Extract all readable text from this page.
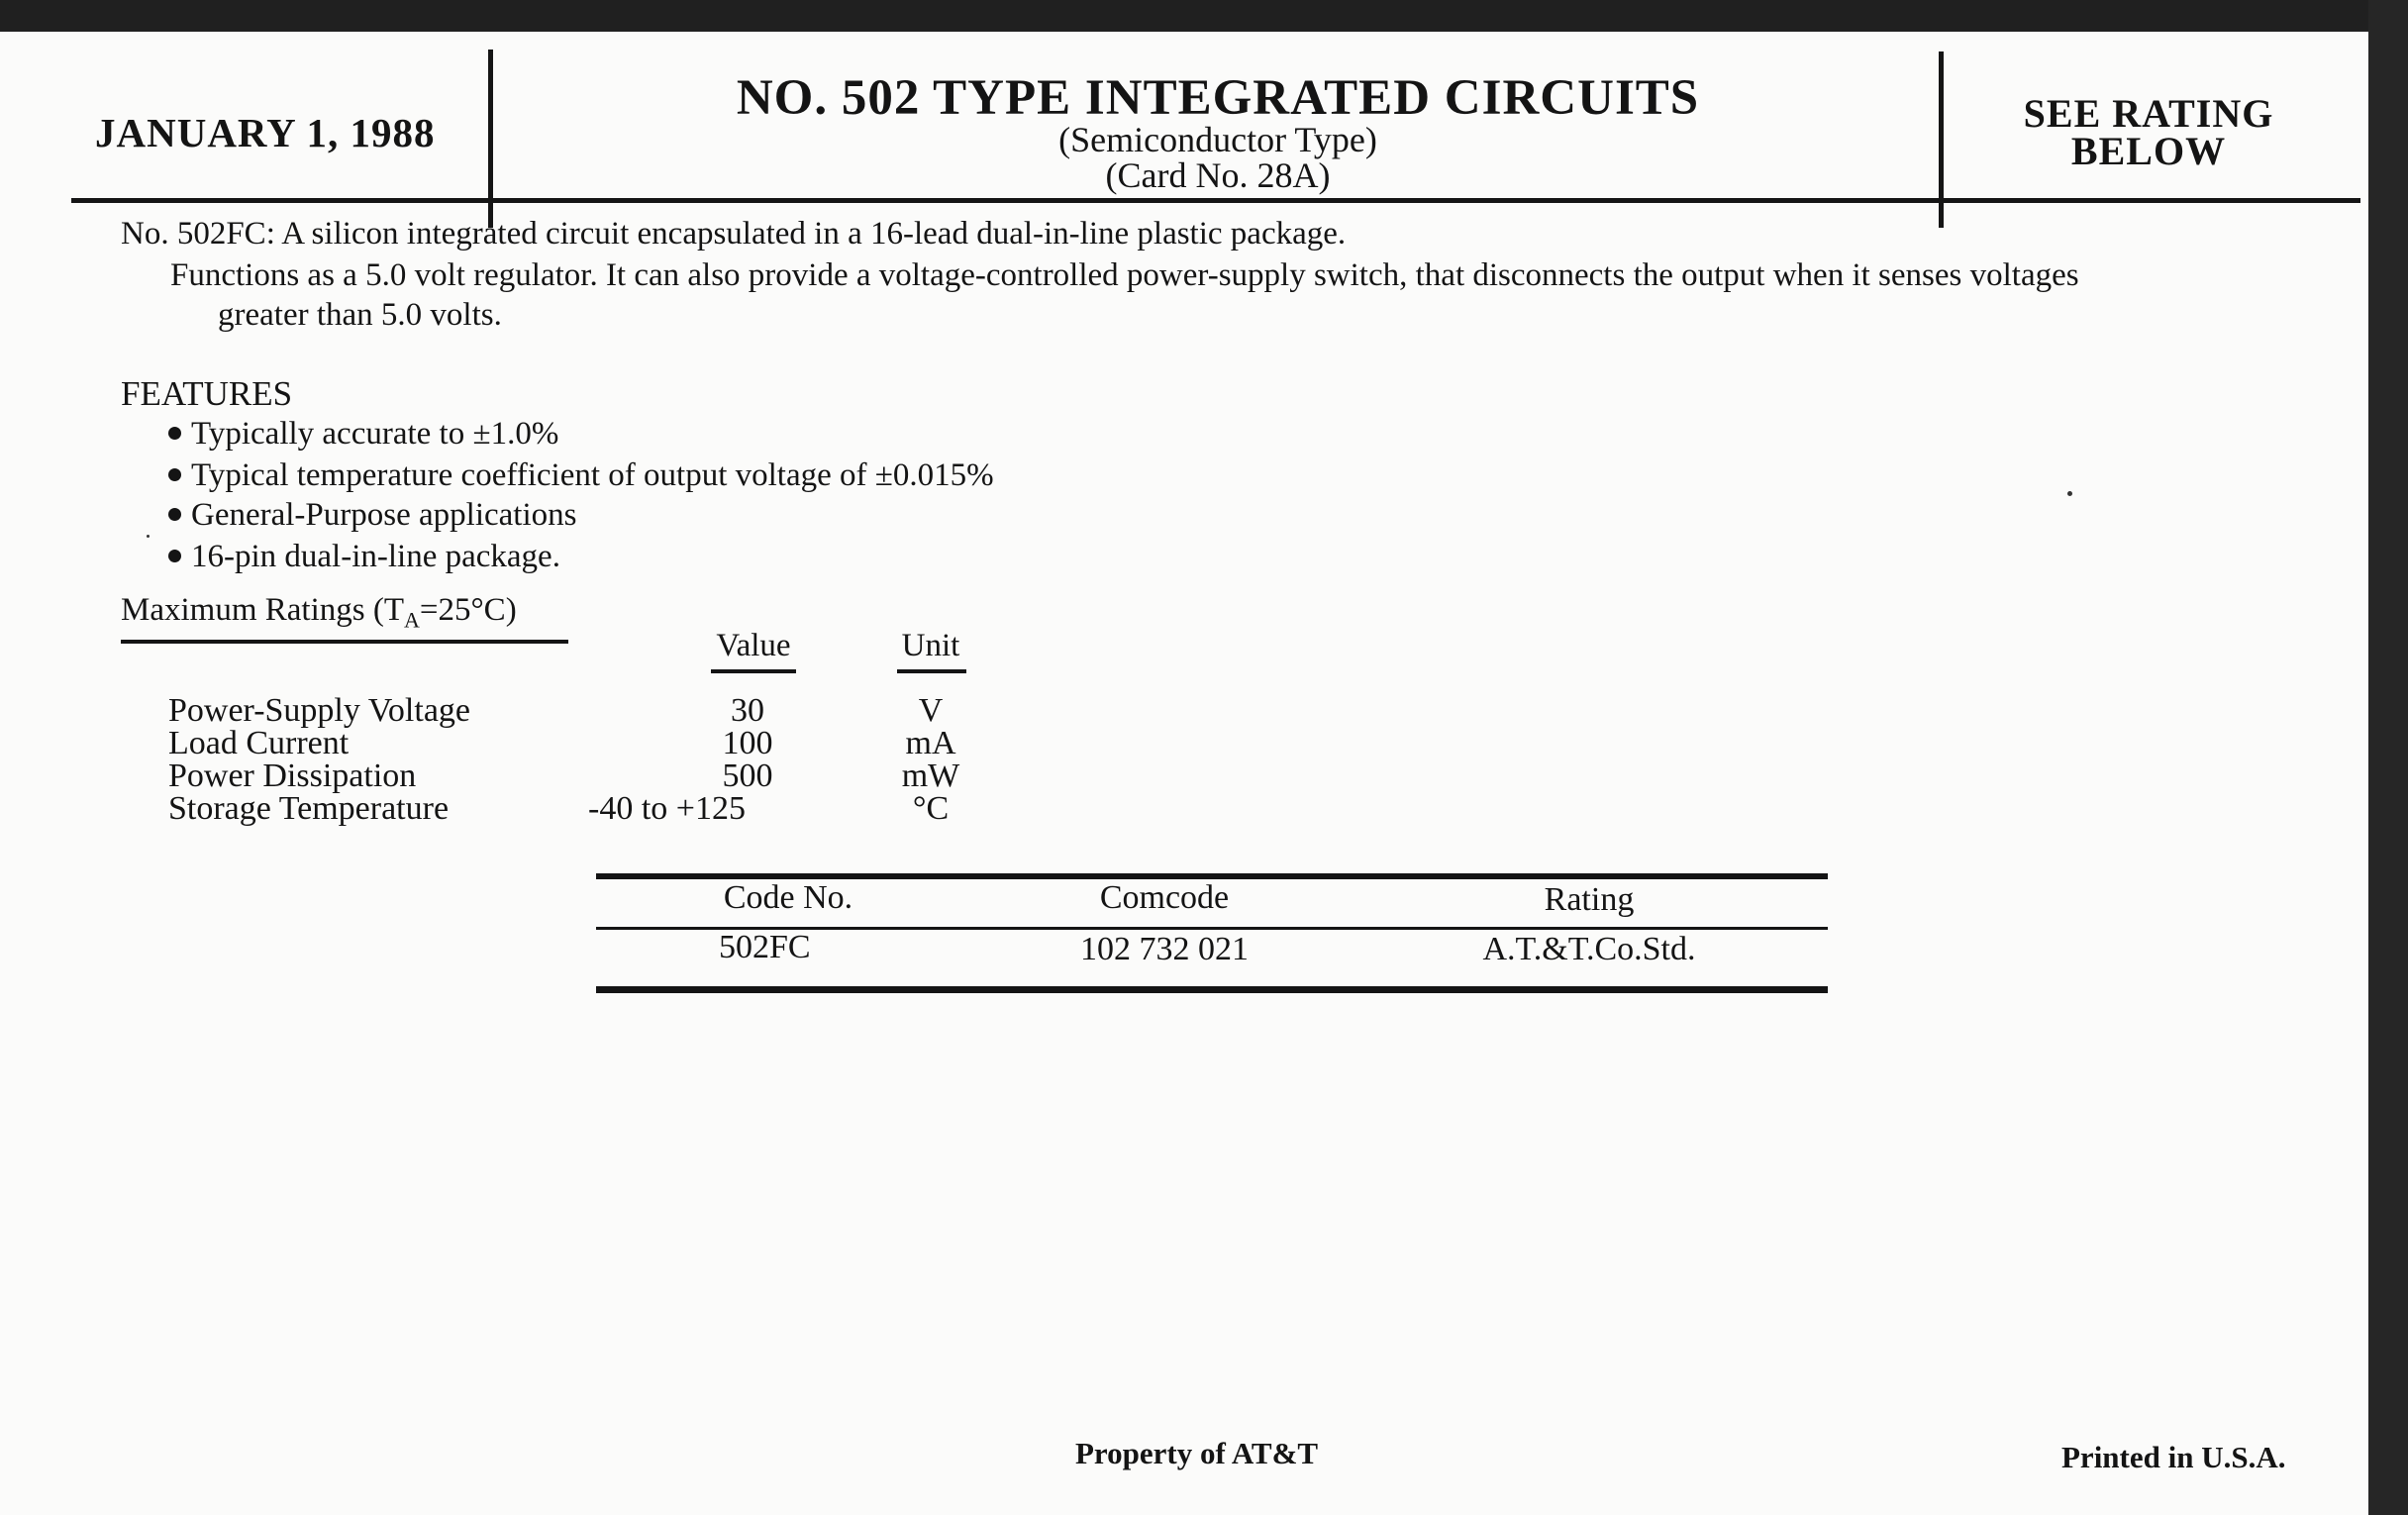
JANUARY 1, 1988
NO. 502 TYPE INTEGRATED CIRCUITS
(Semiconductor Type)
(Card No. 28A)
SEE RATING
BELOW
No. 502FC: A silicon integrated circuit encapsulated in a 16-lead dual-in-line plastic package.
Functions as a 5.0 volt regulator. It can also provide a voltage-controlled power-supply switch, that disconnects the output when it senses voltages
greater than 5.0 volts.
FEATURES
Typically accurate to ±1.0%
Typical temperature coefficient of output voltage of ±0.015%
General-Purpose applications
16-pin dual-in-line package.
Maximum Ratings $(T_A=25^\circ C)$
Value	Unit
Power-Supply Voltage	30	V
Load Current	100	mA
Power Dissipation	500	mW
Storage Temperature	-40 to +125	°C
Code No.	Comcode	Rating
502FC	102 732 021	A.T.&T.Co.Std.
Property of AT&T	Printed in U.S.A.
